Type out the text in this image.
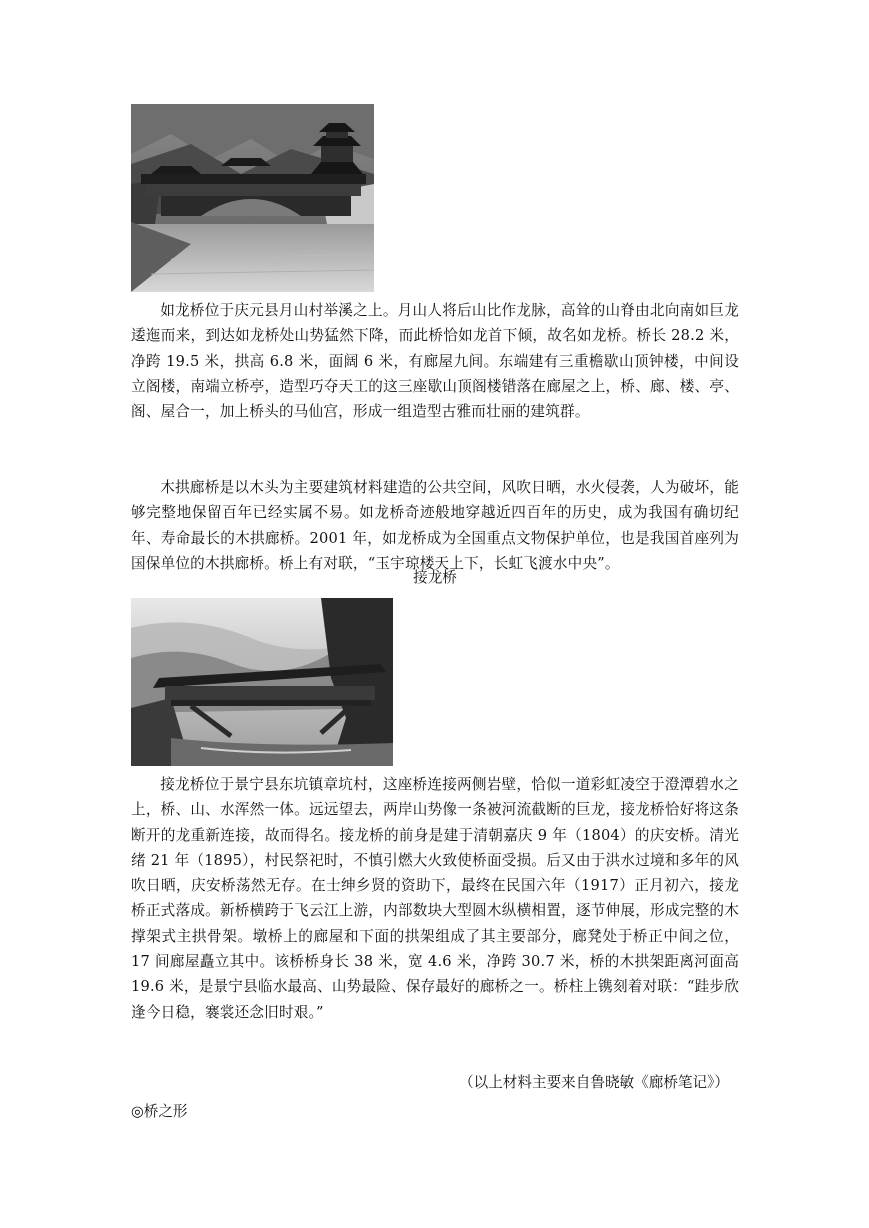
如龙桥位于庆元县月山村举溪之上。月山人将后山比作龙脉，高耸的山脊由北向南如巨龙逶迤而来，到达如龙桥处山势猛然下降，而此桥恰如龙首下倾，故名如龙桥。桥长 28.2 米，净跨 19.5 米，拱高 6.8 米，面阔 6 米，有廊屋九间。东端建有三重檐歇山顶钟楼，中间设立阁楼，南端立桥亭，造型巧夺天工的这三座歇山顶阁楼错落在廊屋之上，桥、廊、楼、亭、阁、屋合一，加上桥头的马仙宫，形成一组造型古雅而壮丽的建筑群。

木拱廊桥是以木头为主要建筑材料建造的公共空间，风吹日晒，水火侵袭，人为破坏，能够完整地保留百年已经实属不易。如龙桥奇迹般地穿越近四百年的历史，成为我国有确切纪年、寿命最长的木拱廊桥。2001 年，如龙桥成为全国重点文物保护单位，也是我国首座列为国保单位的木拱廊桥。桥上有对联，“玉宇琼楼天上下，长虹飞渡水中央”。

接龙桥

接龙桥位于景宁县东坑镇章坑村，这座桥连接两侧岩壁，恰似一道彩虹凌空于澄潭碧水之上，桥、山、水浑然一体。远远望去，两岸山势像一条被河流截断的巨龙，接龙桥恰好将这条断开的龙重新连接，故而得名。接龙桥的前身是建于清朝嘉庆 9 年（1804）的庆安桥。清光绪 21 年（1895），村民祭祀时，不慎引燃大火致使桥面受损。后又由于洪水过境和多年的风吹日晒，庆安桥荡然无存。在士绅乡贤的资助下，最终在民国六年（1917）正月初六，接龙桥正式落成。新桥横跨于飞云江上游，内部数块大型圆木纵横相置，逐节伸展，形成完整的木撑架式主拱骨架。墩桥上的廊屋和下面的拱架组成了其主要部分，廊凳处于桥正中间之位，17 间廊屋矗立其中。该桥桥身长 38 米，宽 4.6 米，净跨 30.7 米，桥的木拱架距离河面高 19.6 米，是景宁县临水最高、山势最险、保存最好的廊桥之一。桥柱上镌刻着对联：“跬步欣逢今日稳，褰裳还念旧时艰。”

（以上材料主要来自鲁晓敏《廊桥笔记》）
◎桥之形
